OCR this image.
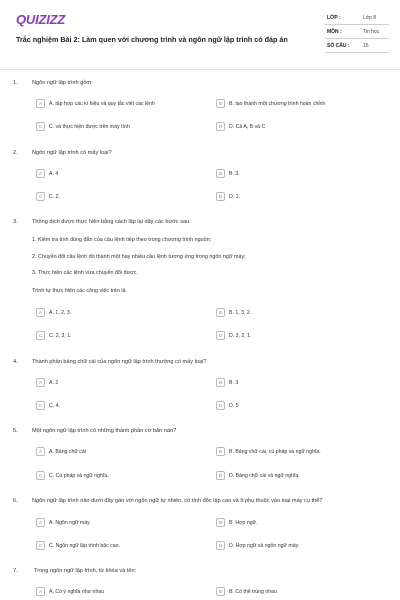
QUIZIZZ
Trắc nghiệm Bài 2: Làm quen với chương trình và ngôn ngữ lập trình có đáp án
LỚP :	Lớp 8
MÔN :	Tin học
SỐ CÂU :	15
1.	Ngôn ngữ lập trình gồm:
A	A. tập hợp các kí hiệu và quy tắc viết các lệnh	B	B. tạo thành một chương trình hoàn chỉnh
C	C. và thực hiện được trên máy tính	D	D. Cả A, B và C
2.	Ngôn ngữ lập trình có mấy loại?
A	A. 4	B	B. 3.
C	C. 2.	D	D. 1.
3.	Thông dịch được thực hiện bằng cách lặp lại dãy các bước sau:
1. Kiểm tra tính đúng đắn của câu lệnh tiếp theo trong chương trình nguồn;
2. Chuyển đổi câu lệnh đó thành một hay nhiều câu lệnh tương ứng trong ngôn ngữ máy;
3. Thực hiện các lệnh vừa chuyển đổi được.
Trình tự thực hiện các công việc trên là
A	A. 1, 2, 3.	B	B. 1, 3, 2.
C	C. 2, 3, 1.	D	D. 3, 2, 1.
4.	Thành phần bảng chữ cái của ngôn ngữ lập trình thường có mấy loại?
A	A. 2	B	B. 3
C	C. 4.	D	D. 5
5.	Một ngôn ngữ lập trình có những thành phần cơ bản nào?
A	A. Bảng chữ cái	B	B. Bảng chữ cái, cú pháp và ngữ nghĩa.
C	C. Cú pháp và ngữ nghĩa.	D	D. Bảng chữ cái và ngữ nghĩa.
6.	Ngôn ngữ lập trình nào dưới đây gần với ngôn ngữ tự nhiên, có tính độc lập cao và ít phụ thuộc vào loại máy cụ thể?
A	A. Ngôn ngữ máy.	B	B. Hợp ngữ.
C	C. Ngôn ngữ lập trình bậc cao.	D	D. Hợp ngữ và ngôn ngữ máy.
7.	Trong ngôn ngữ lập trình, từ khóa và tên:
A	A. Có ý nghĩa như nhau	B	B. Có thể trùng nhau
